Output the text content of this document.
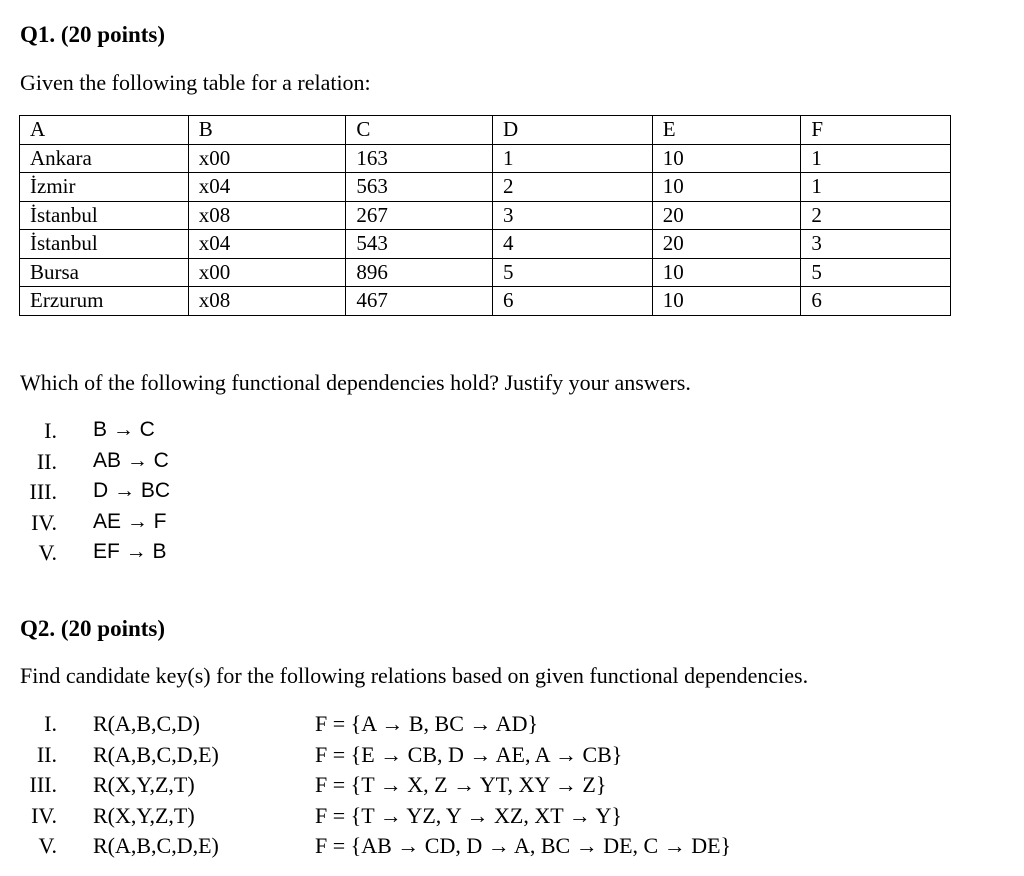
Q1. (20 points)
Given the following table for a relation:
A	B	C	D	E	F
Ankara	x00	163	1	10	1
İzmir	x04	563	2	10	1
İstanbul	x08	267	3	20	2
İstanbul	x04	543	4	20	3
Bursa	x00	896	5	10	5
Erzurum	x08	467	6	10	6
Which of the following functional dependencies hold? Justify your answers.
I. B → C
II. AB → C
III. D → BC
IV. AE → F
V. EF → B
Q2. (20 points)
Find candidate key(s) for the following relations based on given functional dependencies.
I. R(A,B,C,D)	F = {A → B, BC → AD}
II. R(A,B,C,D,E)	F = {E → CB, D → AE, A → CB}
III. R(X,Y,Z,T)	F = {T → X, Z → YT, XY → Z}
IV. R(X,Y,Z,T)	F = {T → YZ, Y → XZ, XT → Y}
V. R(A,B,C,D,E)	F = {AB → CD, D → A, BC → DE, C → DE}
